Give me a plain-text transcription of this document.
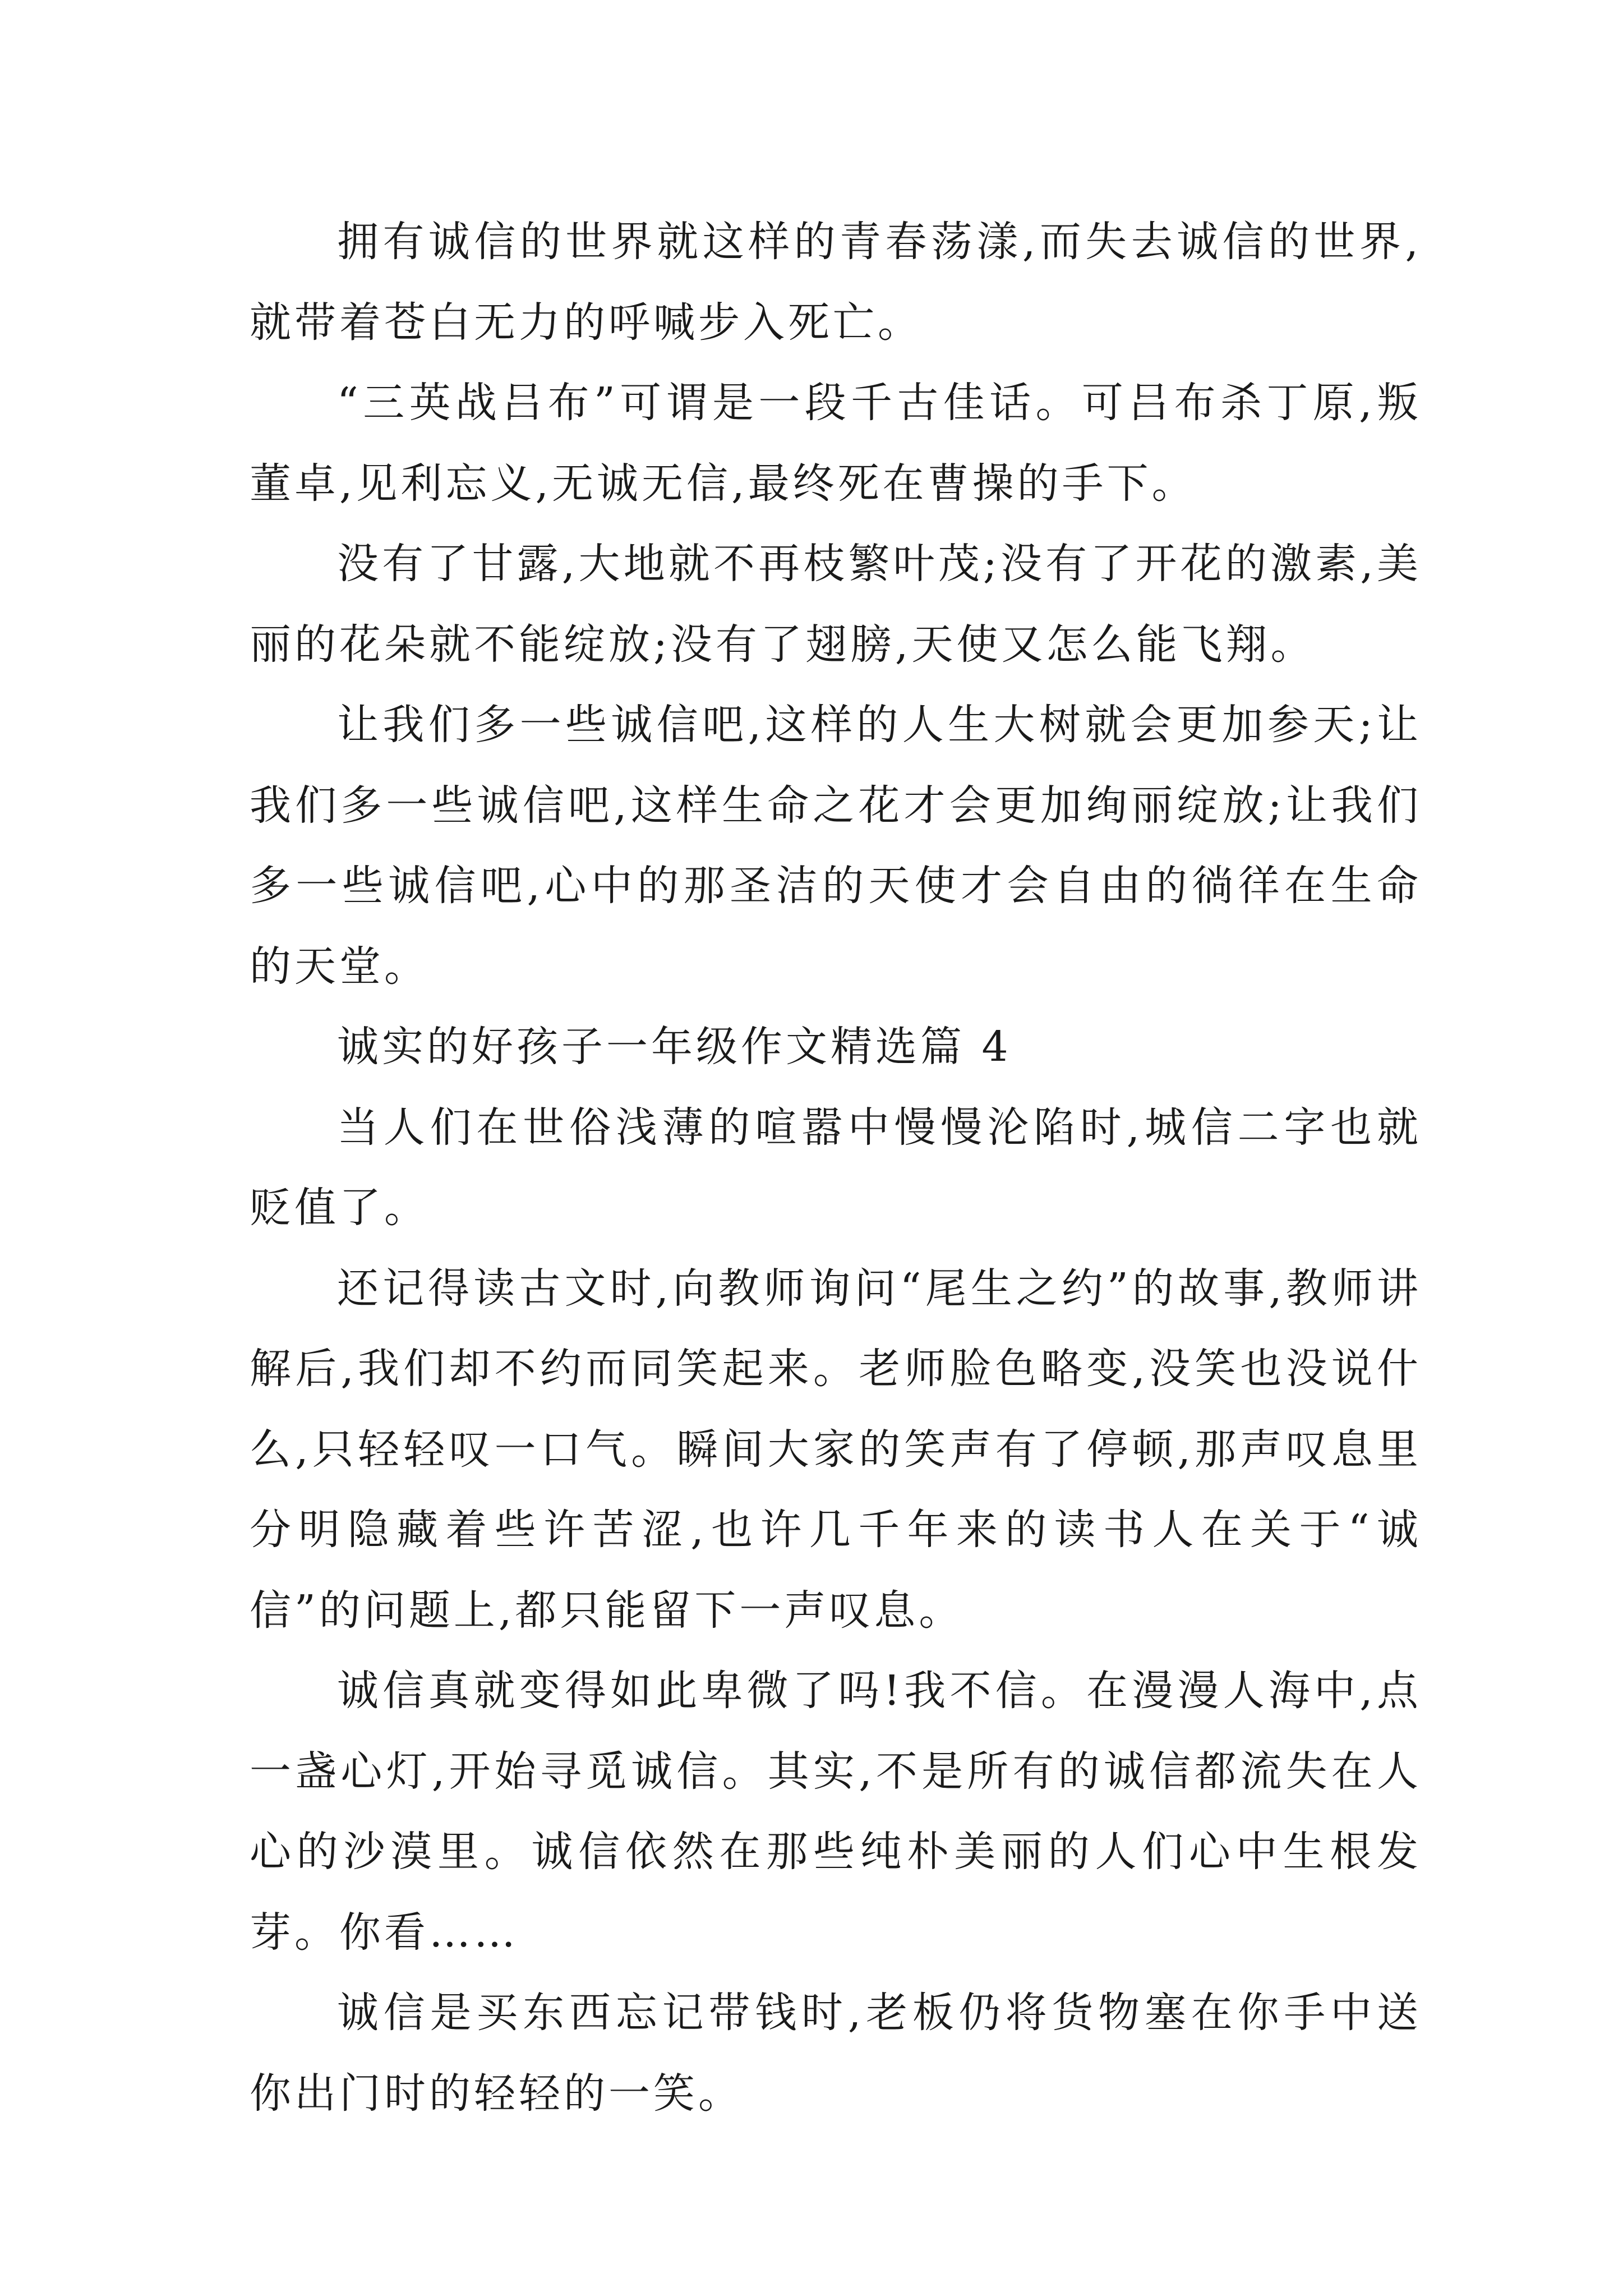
拥有诚信的世界就这样的青春荡漾,而失去诚信的世界,就带着苍白无力的呼喊步入死亡。

“三英战吕布”可谓是一段千古佳话。可吕布杀丁原,叛董卓,见利忘义,无诚无信,最终死在曹操的手下。

没有了甘露,大地就不再枝繁叶茂;没有了开花的激素,美丽的花朵就不能绽放;没有了翅膀,天使又怎么能飞翔。

让我们多一些诚信吧,这样的人生大树就会更加参天;让我们多一些诚信吧,这样生命之花才会更加绚丽绽放;让我们多一些诚信吧,心中的那圣洁的天使才会自由的徜徉在生命的天堂。

诚实的好孩子一年级作文精选篇 4

当人们在世俗浅薄的喧嚣中慢慢沦陷时,城信二字也就贬值了。

还记得读古文时,向教师询问“尾生之约”的故事,教师讲解后,我们却不约而同笑起来。老师脸色略变,没笑也没说什么,只轻轻叹一口气。瞬间大家的笑声有了停顿,那声叹息里分明隐藏着些许苦涩,也许几千年来的读书人在关于“诚信”的问题上,都只能留下一声叹息。

诚信真就变得如此卑微了吗!我不信。在漫漫人海中,点一盏心灯,开始寻觅诚信。其实,不是所有的诚信都流失在人心的沙漠里。诚信依然在那些纯朴美丽的人们心中生根发芽。你看……

诚信是买东西忘记带钱时,老板仍将货物塞在你手中送你出门时的轻轻的一笑。
